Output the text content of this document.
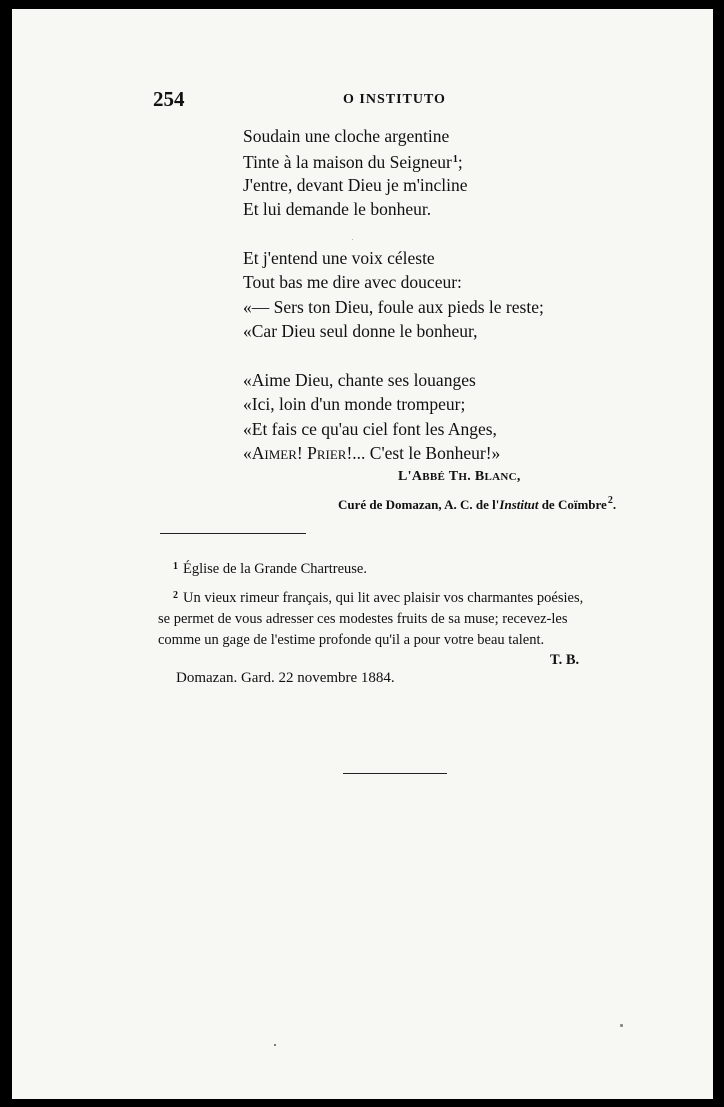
254	O INSTITUTO
Soudain une cloche argentine
Tinte à la maison du Seigneur$^1$;
J'entre, devant Dieu je m'incline
Et lui demande le bonheur.
Et j'entend une voix céleste
Tout bas me dire avec douceur:
«— Sers ton Dieu, foule aux pieds le reste;
«Car Dieu seul donne le bonheur,
«Aime Dieu, chante ses louanges
«Ici, loin d'un monde trompeur;
«Et fais ce qu'au ciel font les Anges,
«AIMER! PRIER!... C'est le Bonheur!»
L'ABBÉ TH. BLANC,
Curé de Domazan, A. C. de l'Institut de Coïmbre$^2$.
$^1$ Église de la Grande Chartreuse.
$^2$ Un vieux rimeur français, qui lit avec plaisir vos charmantes poésies,
se permet de vous adresser ces modestes fruits de sa muse; recevez-les
comme un gage de l'estime profonde qu'il a pour votre beau talent.
T. B.
Domazan. Gard. 22 novembre 1884.
